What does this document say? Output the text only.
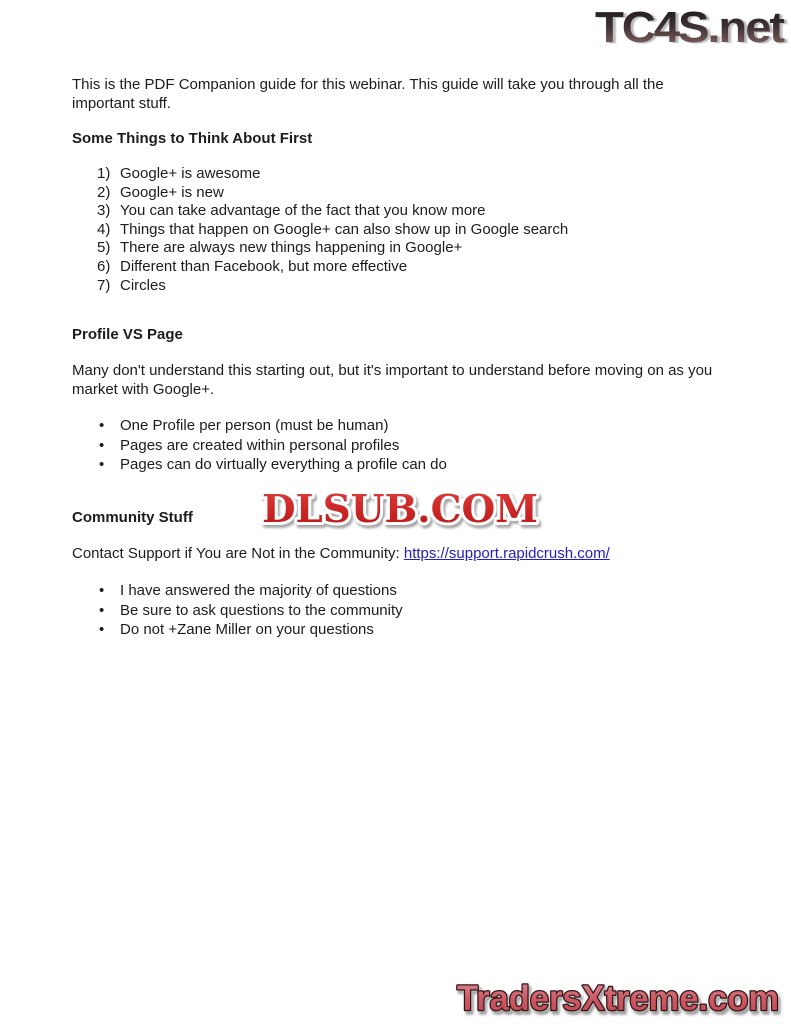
TC4S.net

This is the PDF Companion guide for this webinar. This guide will take you through all the important stuff.

Some Things to Think About First
Google+ is awesome
Google+ is new
You can take advantage of the fact that you know more
Things that happen on Google+ can also show up in Google search
There are always new things happening in Google+
Different than Facebook, but more effective
Circles
Profile VS Page

Many don't understand this starting out, but it's important to understand before moving on as you market with Google+.

• One Profile per person (must be human)
• Pages are created within personal profiles
• Pages can do virtually everything a profile can do
Community Stuff

Contact Support if You are Not in the Community: https://support.rapidcrush.com/

• I have answered the majority of questions
• Be sure to ask questions to the community
• Do not +Zane Miller on your questions
DLSUB.COM
TradersXtreme.com
